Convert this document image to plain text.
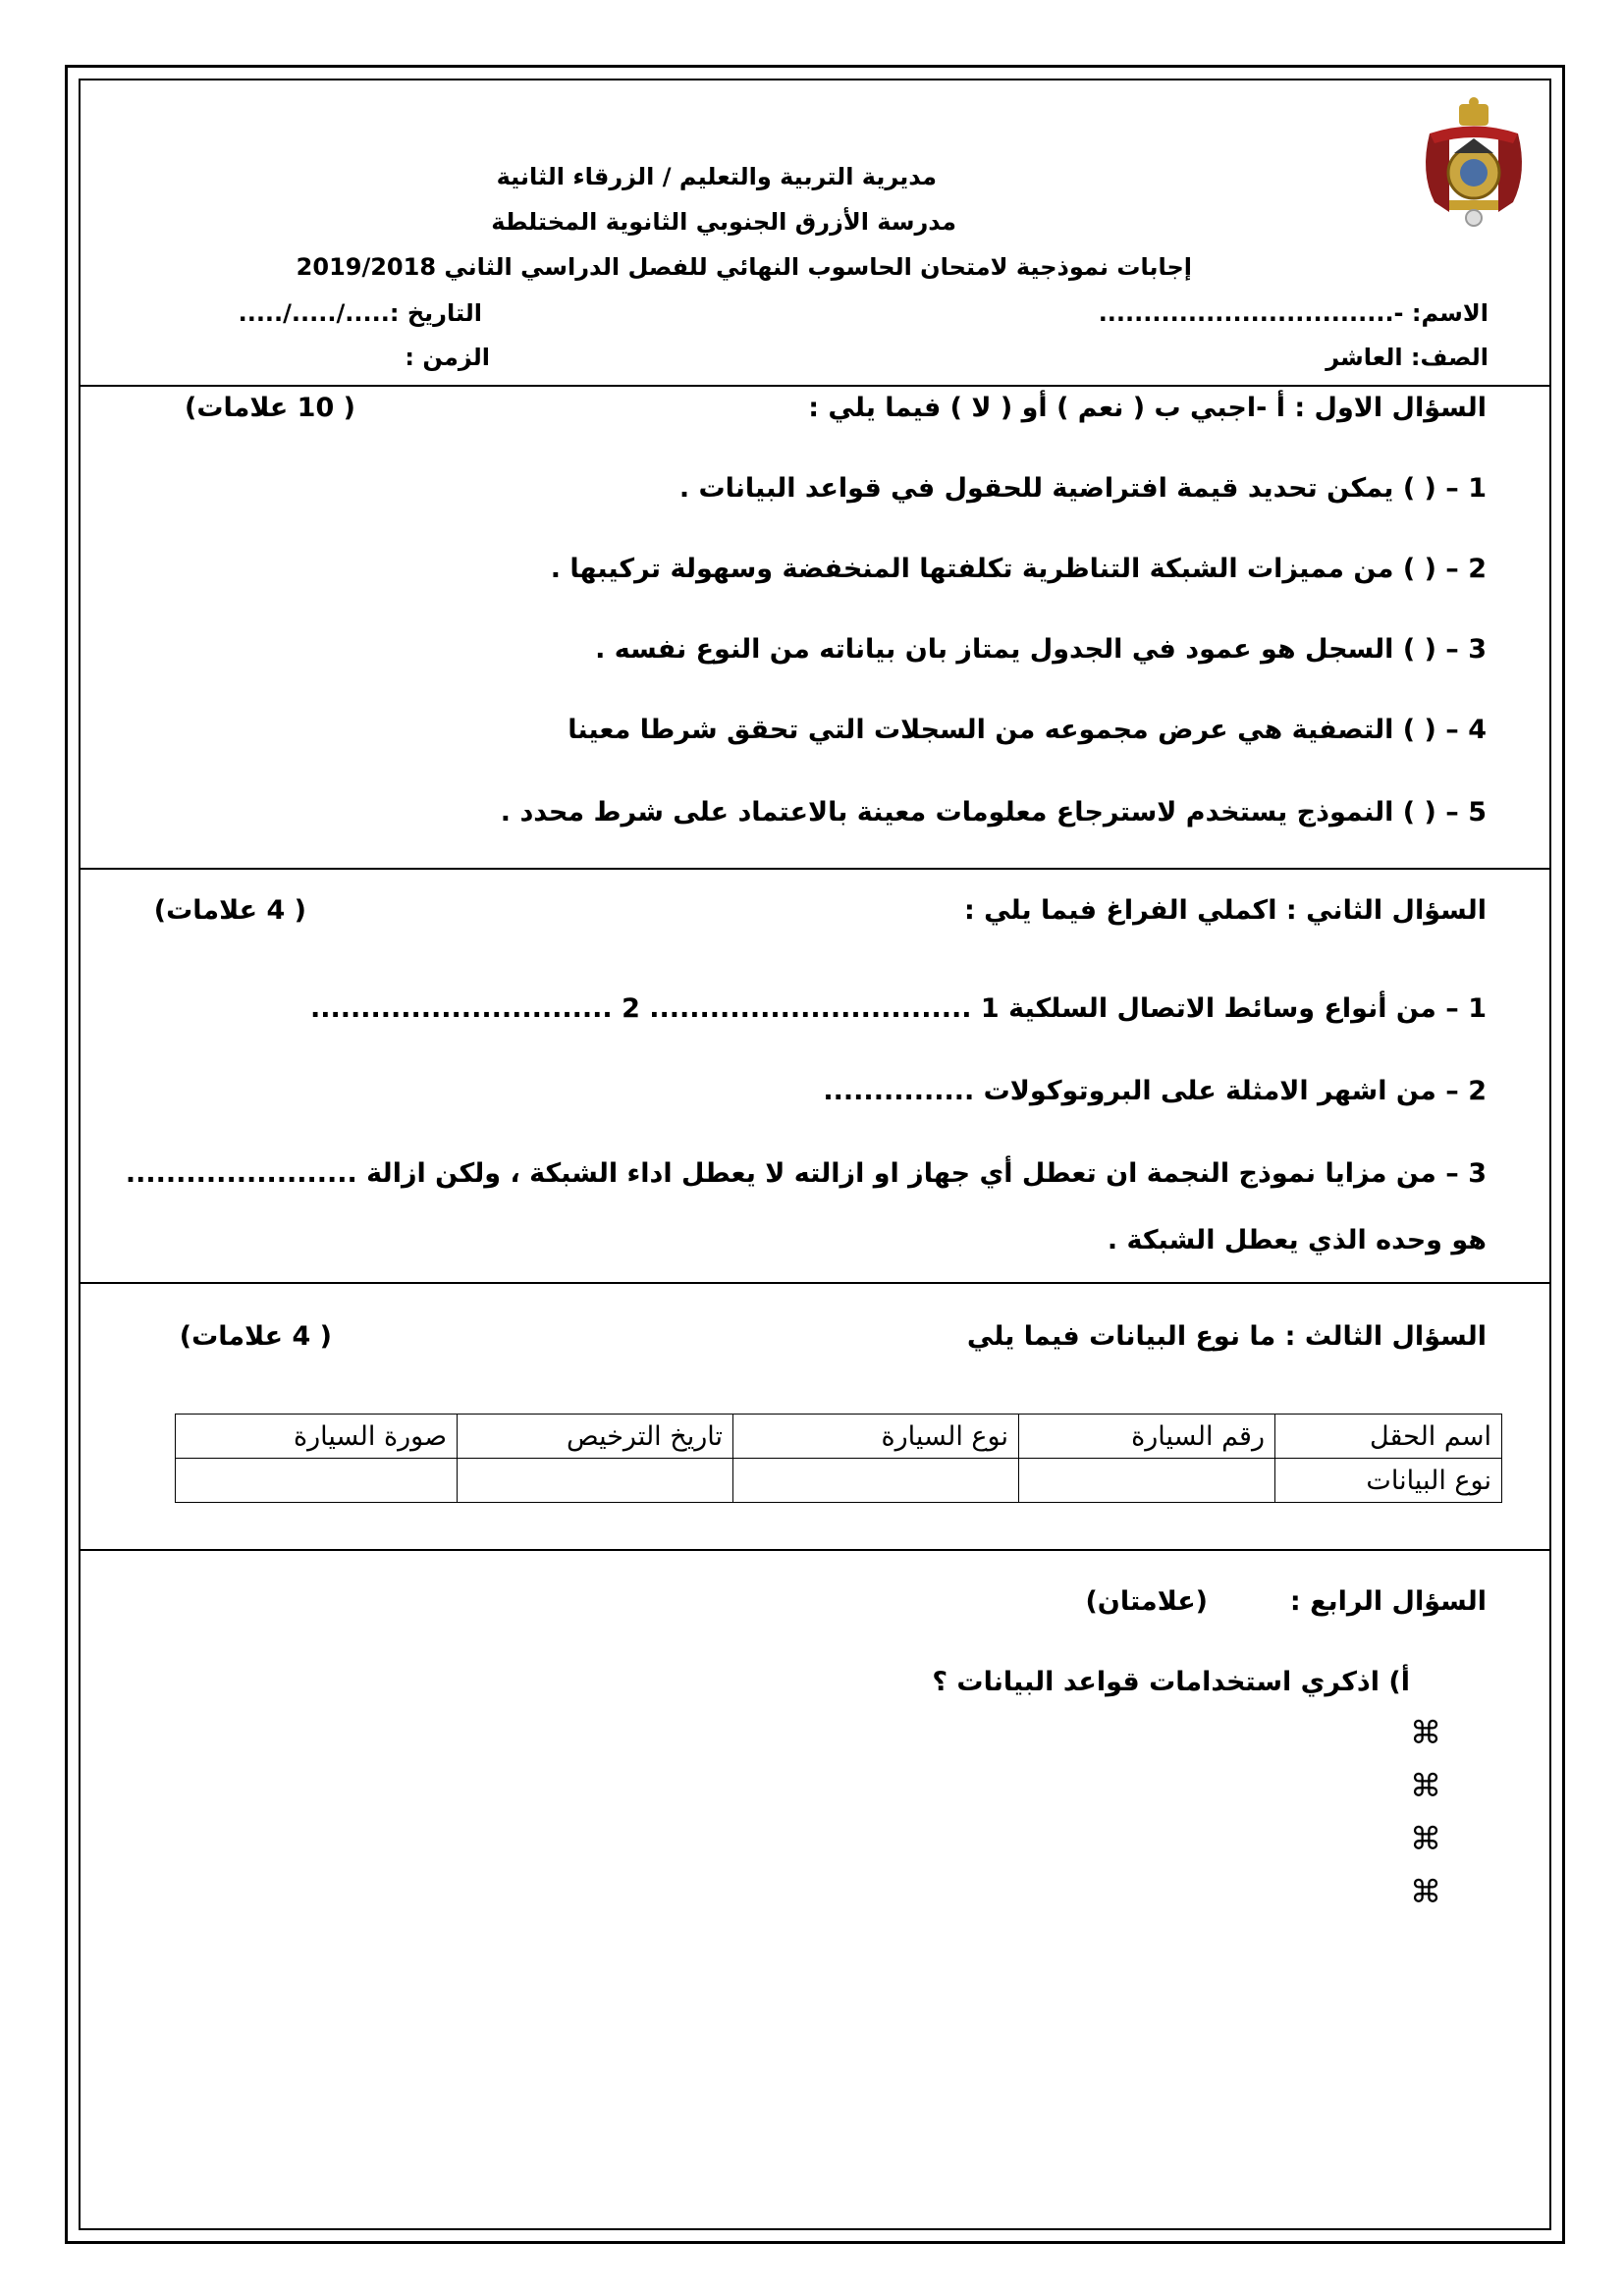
مديرية التربية والتعليم / الزرقاء الثانية
مدرسة الأزرق الجنوبي الثانوية المختلطة
إجابات نموذجية لامتحان الحاسوب النهائي للفصل الدراسي الثاني 2019/2018
الاسم: -.................................
التاريخ :...../...../.....
الصف: العاشر
الزمن :
السؤال الاول : أ -اجبي ب ( نعم ) أو ( لا ) فيما يلي :
( 10 علامات)
1 – ( ) يمكن تحديد قيمة افتراضية للحقول في قواعد البيانات .
2 – ( ) من مميزات الشبكة التناظرية تكلفتها المنخفضة وسهولة تركيبها .
3 – ( ) السجل هو عمود في الجدول يمتاز بان بياناته من النوع نفسه .
4 – ( ) التصفية هي عرض مجموعه من السجلات التي تحقق شرطا معينا
5 – ( ) النموذج يستخدم لاسترجاع معلومات معينة بالاعتماد على شرط محدد .
السؤال الثاني : اكملي الفراغ فيما يلي :
( 4 علامات)
1 – من أنواع وسائط الاتصال السلكية 1 ................................ 2 ..............................
2 – من اشهر الامثلة على البروتوكولات ...............
3 – من مزايا نموذج النجمة ان تعطل أي جهاز او ازالته لا يعطل اداء الشبكة ، ولكن ازالة .......................
هو وحده الذي يعطل الشبكة .
السؤال الثالث : ما نوع البيانات فيما يلي
( 4 علامات)
اسم الحقل	رقم السيارة	نوع السيارة	تاريخ الترخيص	صورة السيارة
نوع البيانات				
السؤال الرابع :
(علامتان)
أ) اذكري استخدامات قواعد البيانات ؟
⌘
⌘
⌘
⌘
